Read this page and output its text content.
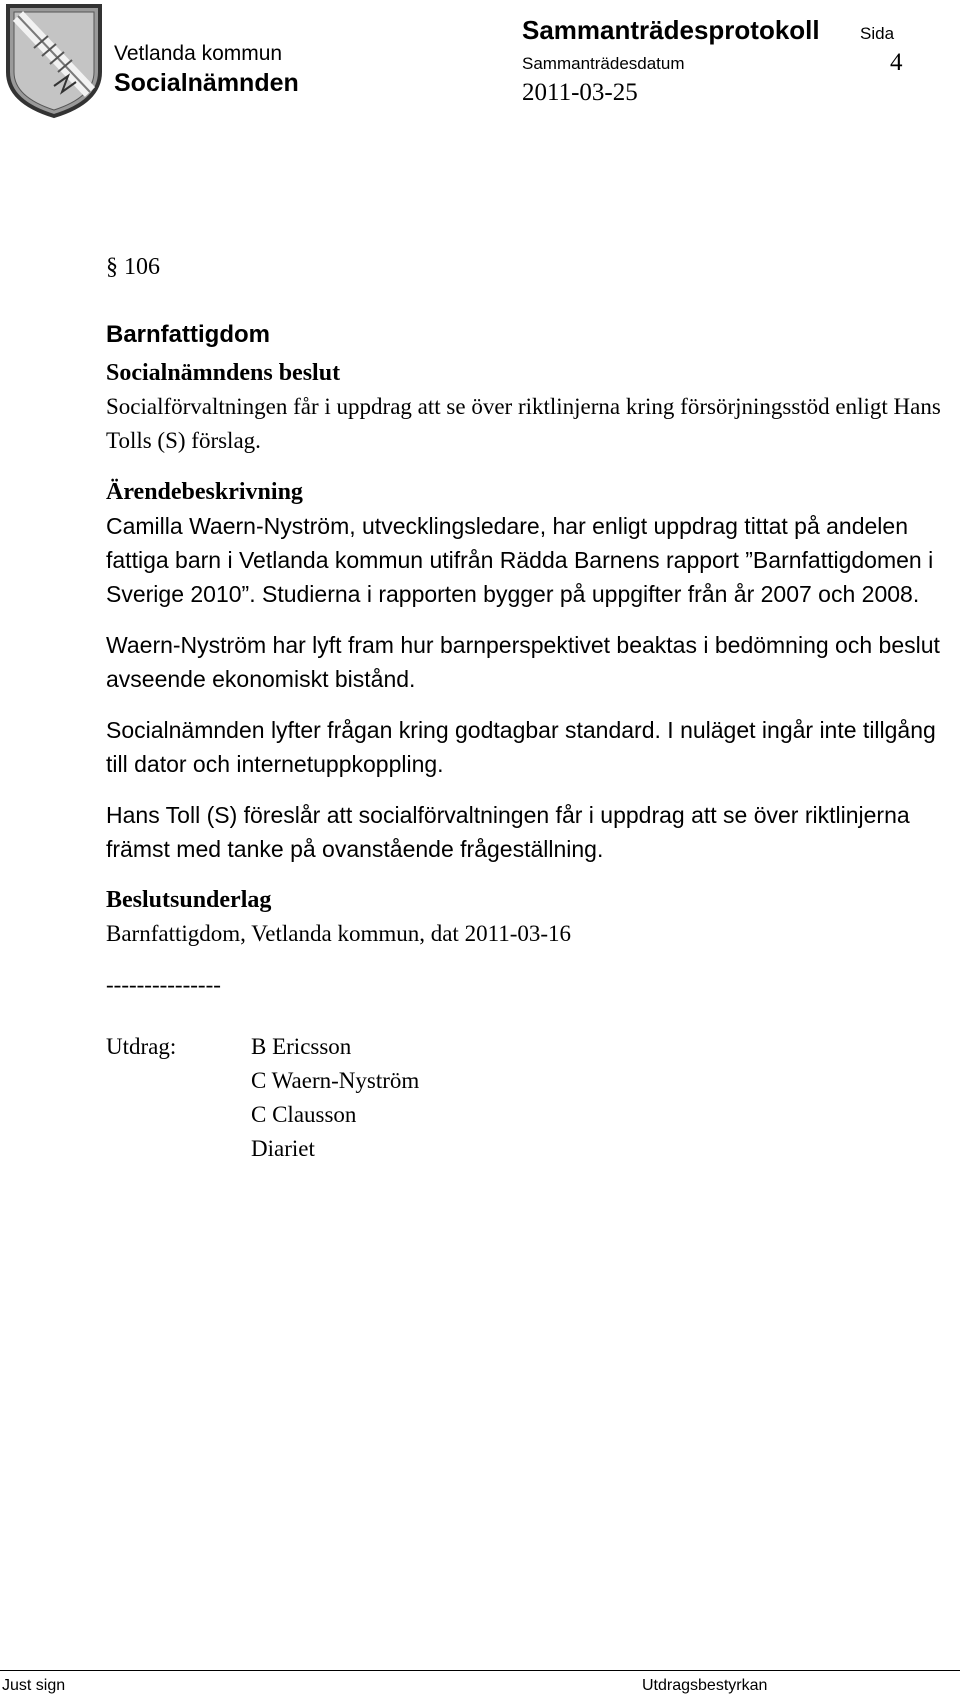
Vetlanda kommun
Socialnämnden
Sammanträdesprotokoll
Sammanträdesdatum
2011-03-25
Sida
4
§ 106
Barnfattigdom
Socialnämndens beslut
Socialförvaltningen får i uppdrag att se över riktlinjerna kring försörjningsstöd enligt Hans Tolls (S) förslag.
Ärendebeskrivning
Camilla Waern-Nyström, utvecklingsledare, har enligt uppdrag tittat på andelen fattiga barn i Vetlanda kommun utifrån Rädda Barnens rapport ”Barnfattigdomen i Sverige 2010”. Studierna i rapporten bygger på uppgifter från år 2007 och 2008.
Waern-Nyström har lyft fram hur barnperspektivet beaktas i bedömning och beslut avseende ekonomiskt bistånd.
Socialnämnden lyfter frågan kring godtagbar standard. I nuläget ingår inte tillgång till dator och internetuppkoppling.
Hans Toll (S) föreslår att socialförvaltningen får i uppdrag att se över riktlinjerna främst med tanke på ovanstående frågeställning.
Beslutsunderlag
Barnfattigdom, Vetlanda kommun, dat 2011-03-16
---------------
Utdrag:	B Ericsson
C Waern-Nyström
C Clausson
Diariet
Just sign	Utdragsbestyrkan
